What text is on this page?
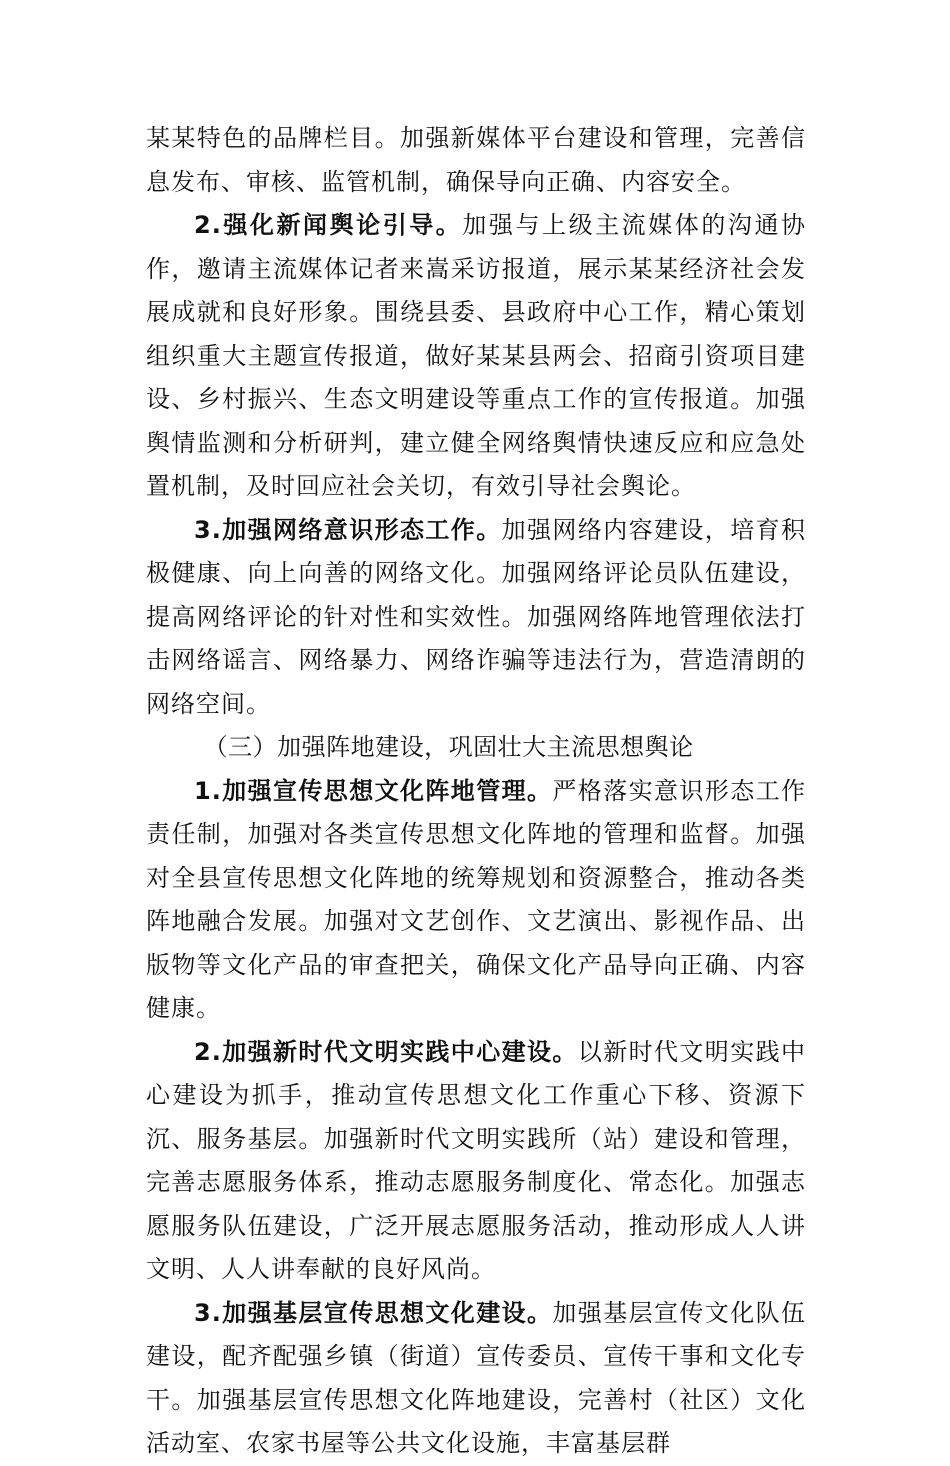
某某特色的品牌栏目。加强新媒体平台建设和管理，完善信息发布、审核、监管机制，确保导向正确、内容安全。

2.强化新闻舆论引导。加强与上级主流媒体的沟通协作，邀请主流媒体记者来嵩采访报道，展示某某经济社会发展成就和良好形象。围绕县委、县政府中心工作，精心策划组织重大主题宣传报道，做好某某县两会、招商引资项目建设、乡村振兴、生态文明建设等重点工作的宣传报道。加强舆情监测和分析研判，建立健全网络舆情快速反应和应急处置机制，及时回应社会关切，有效引导社会舆论。

3.加强网络意识形态工作。加强网络内容建设，培育积极健康、向上向善的网络文化。加强网络评论员队伍建设，提高网络评论的针对性和实效性。加强网络阵地管理依法打击网络谣言、网络暴力、网络诈骗等违法行为，营造清朗的网络空间。

（三）加强阵地建设，巩固壮大主流思想舆论

1.加强宣传思想文化阵地管理。严格落实意识形态工作责任制，加强对各类宣传思想文化阵地的管理和监督。加强对全县宣传思想文化阵地的统筹规划和资源整合，推动各类阵地融合发展。加强对文艺创作、文艺演出、影视作品、出版物等文化产品的审查把关，确保文化产品导向正确、内容健康。

2.加强新时代文明实践中心建设。以新时代文明实践中心建设为抓手，推动宣传思想文化工作重心下移、资源下沉、服务基层。加强新时代文明实践所（站）建设和管理，完善志愿服务体系，推动志愿服务制度化、常态化。加强志愿服务队伍建设，广泛开展志愿服务活动，推动形成人人讲文明、人人讲奉献的良好风尚。

3.加强基层宣传思想文化建设。加强基层宣传文化队伍建设，配齐配强乡镇（街道）宣传委员、宣传干事和文化专干。加强基层宣传思想文化阵地建设，完善村（社区）文化活动室、农家书屋等公共文化设施，丰富基层群
